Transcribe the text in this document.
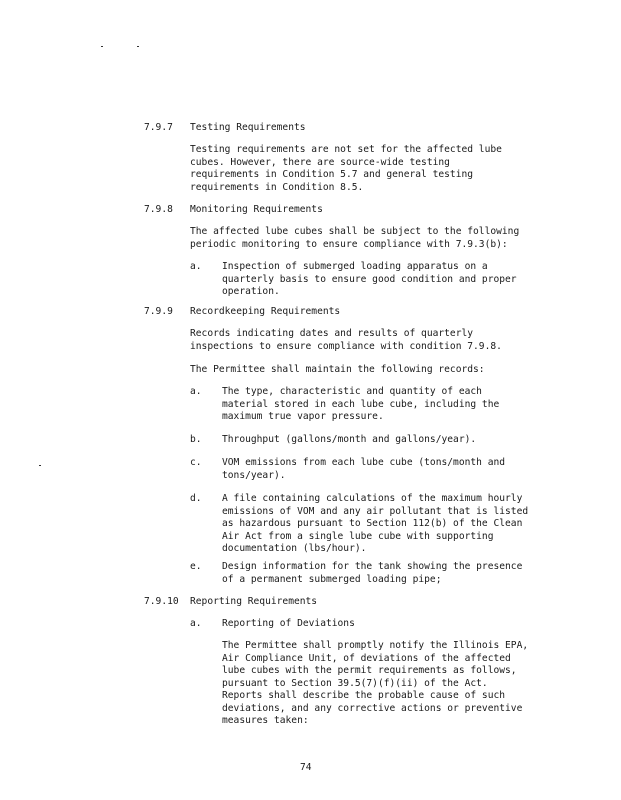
7.9.7 Testing Requirements
Testing requirements are not set for the affected lube
cubes. However, there are source-wide testing
requirements in Condition 5.7 and general testing
requirements in Condition 8.5.
7.9.8 Monitoring Requirements
The affected lube cubes shall be subject to the following
periodic monitoring to ensure compliance with 7.9.3(b):
a. Inspection of submerged loading apparatus on a
quarterly basis to ensure good condition and proper
operation.
7.9.9 Recordkeeping Requirements
Records indicating dates and results of quarterly
inspections to ensure compliance with condition 7.9.8.
The Permittee shall maintain the following records:
a. The type, characteristic and quantity of each
material stored in each lube cube, including the
maximum true vapor pressure.
b. Throughput (gallons/month and gallons/year).
c. VOM emissions from each lube cube (tons/month and
tons/year).
d. A file containing calculations of the maximum hourly
emissions of VOM and any air pollutant that is listed
as hazardous pursuant to Section 112(b) of the Clean
Air Act from a single lube cube with supporting
documentation (lbs/hour).
e. Design information for the tank showing the presence
of a permanent submerged loading pipe;
7.9.10 Reporting Requirements
a. Reporting of Deviations
The Permittee shall promptly notify the Illinois EPA,
Air Compliance Unit, of deviations of the affected
lube cubes with the permit requirements as follows,
pursuant to Section 39.5(7)(f)(ii) of the Act.
Reports shall describe the probable cause of such
deviations, and any corrective actions or preventive
measures taken:
74
